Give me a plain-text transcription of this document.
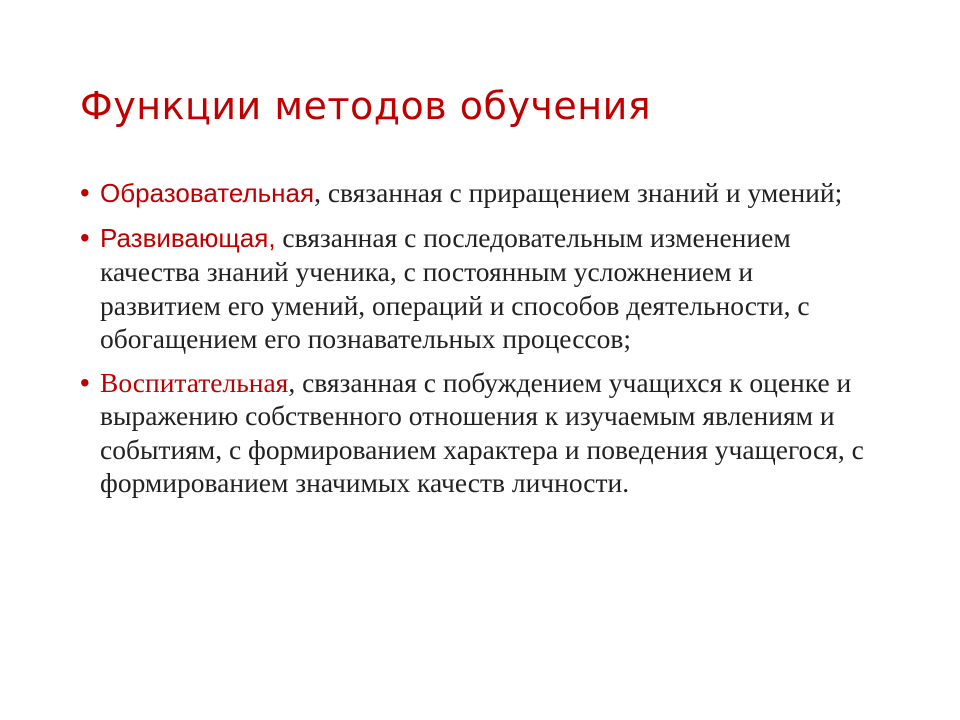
Функции методов обучения
• Образовательная, связанная с приращением знаний и умений;
• Развивающая, связанная с последовательным изменением качества знаний ученика, с постоянным усложнением и развитием его умений, операций и способов деятельности, с обогащением его познавательных процессов;
• Воспитательная, связанная с побуждением учащихся к оценке и выражению собственного отношения к изучаемым явлениям и событиям, с формированием характера и поведения учащегося, с формированием значимых качеств личности.
